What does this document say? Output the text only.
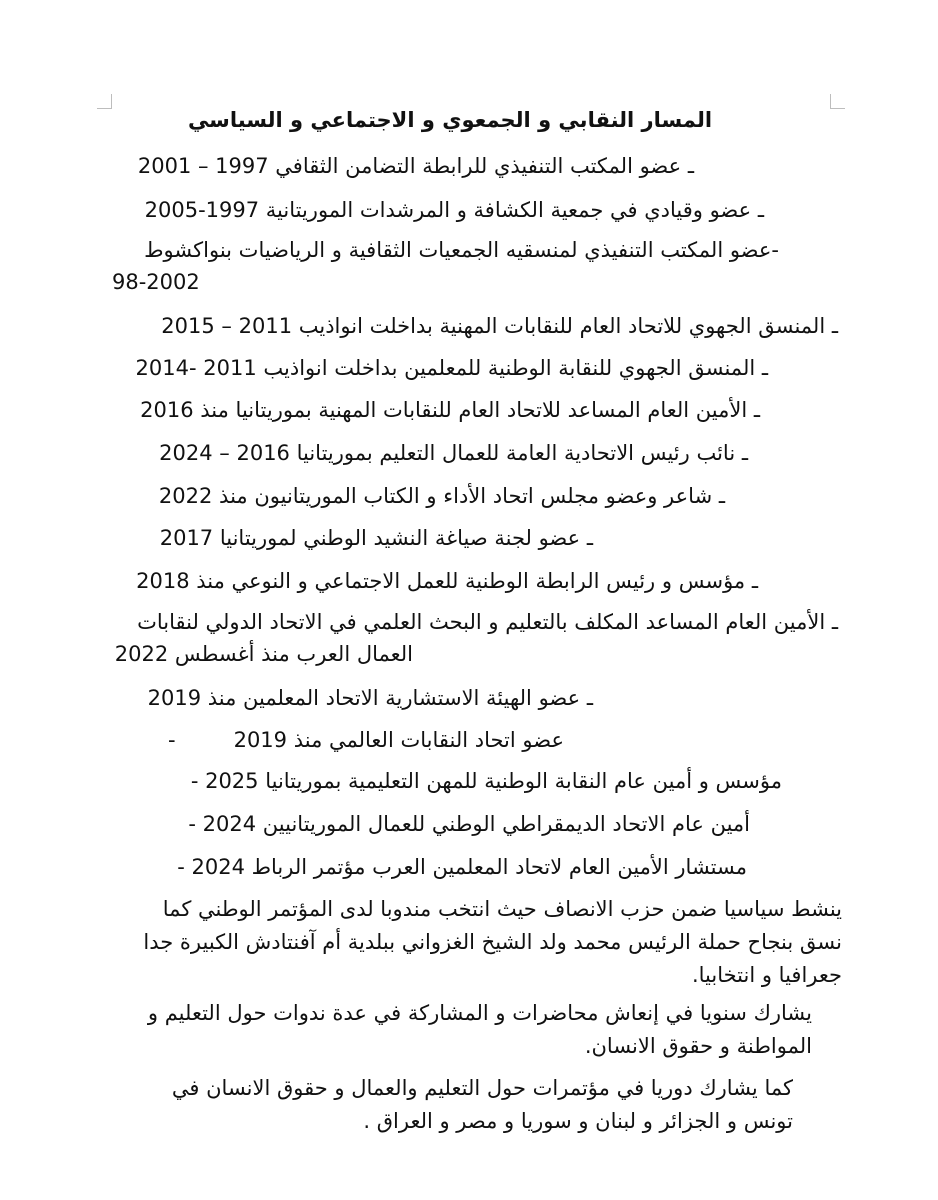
المسار النقابي و الجمعوي و الاجتماعي و السياسي
ـ عضو المكتب التنفيذي للرابطة التضامن الثقافي 1997 – 2001
ـ عضو وقيادي في جمعية الكشافة و المرشدات الموريتانية 1997-2005
-عضو المكتب التنفيذي لمنسقيه الجمعيات الثقافية و الرياضيات بنواكشوط
98-2002
ـ المنسق الجهوي للاتحاد العام للنقابات المهنية بداخلت انواذيب 2011 – 2015
ـ المنسق الجهوي للنقابة الوطنية للمعلمين بداخلت انواذيب 2011 -2014
ـ الأمين العام المساعد للاتحاد العام للنقابات المهنية بموريتانيا منذ 2016
ـ نائب رئيس الاتحادية العامة للعمال التعليم بموريتانيا 2016 – 2024
ـ شاعر وعضو مجلس اتحاد الأداء و الكتاب الموريتانيون منذ 2022
ـ عضو لجنة صياغة النشيد الوطني لموريتانيا 2017
ـ مؤسس و رئيس الرابطة الوطنية للعمل الاجتماعي و النوعي منذ 2018
ـ الأمين العام المساعد المكلف بالتعليم و البحث العلمي في الاتحاد الدولي لنقابات
العمال العرب منذ أغسطس 2022
ـ عضو الهيئة الاستشارية الاتحاد المعلمين منذ 2019
عضو اتحاد النقابات العالمي منذ 2019
-
مؤسس و أمين عام النقابة الوطنية للمهن التعليمية بموريتانيا 2025 -
أمين عام الاتحاد الديمقراطي الوطني للعمال الموريتانيين 2024 -
مستشار الأمين العام لاتحاد المعلمين العرب مؤتمر الرباط 2024 -
ينشط سياسيا ضمن حزب الانصاف حيث انتخب مندوبا لدى المؤتمر الوطني كما نسق بنجاح حملة الرئيس محمد ولد الشيخ الغزواني ببلدية أم آفنتادش الكبيرة جدا جعرافيا و انتخابيا.
يشارك سنويا في إنعاش محاضرات و المشاركة في عدة ندوات حول التعليم و المواطنة و حقوق الانسان.
كما يشارك دوريا في مؤتمرات حول التعليم والعمال و حقوق الانسان في تونس و الجزائر و لبنان و سوريا و مصر و العراق .
